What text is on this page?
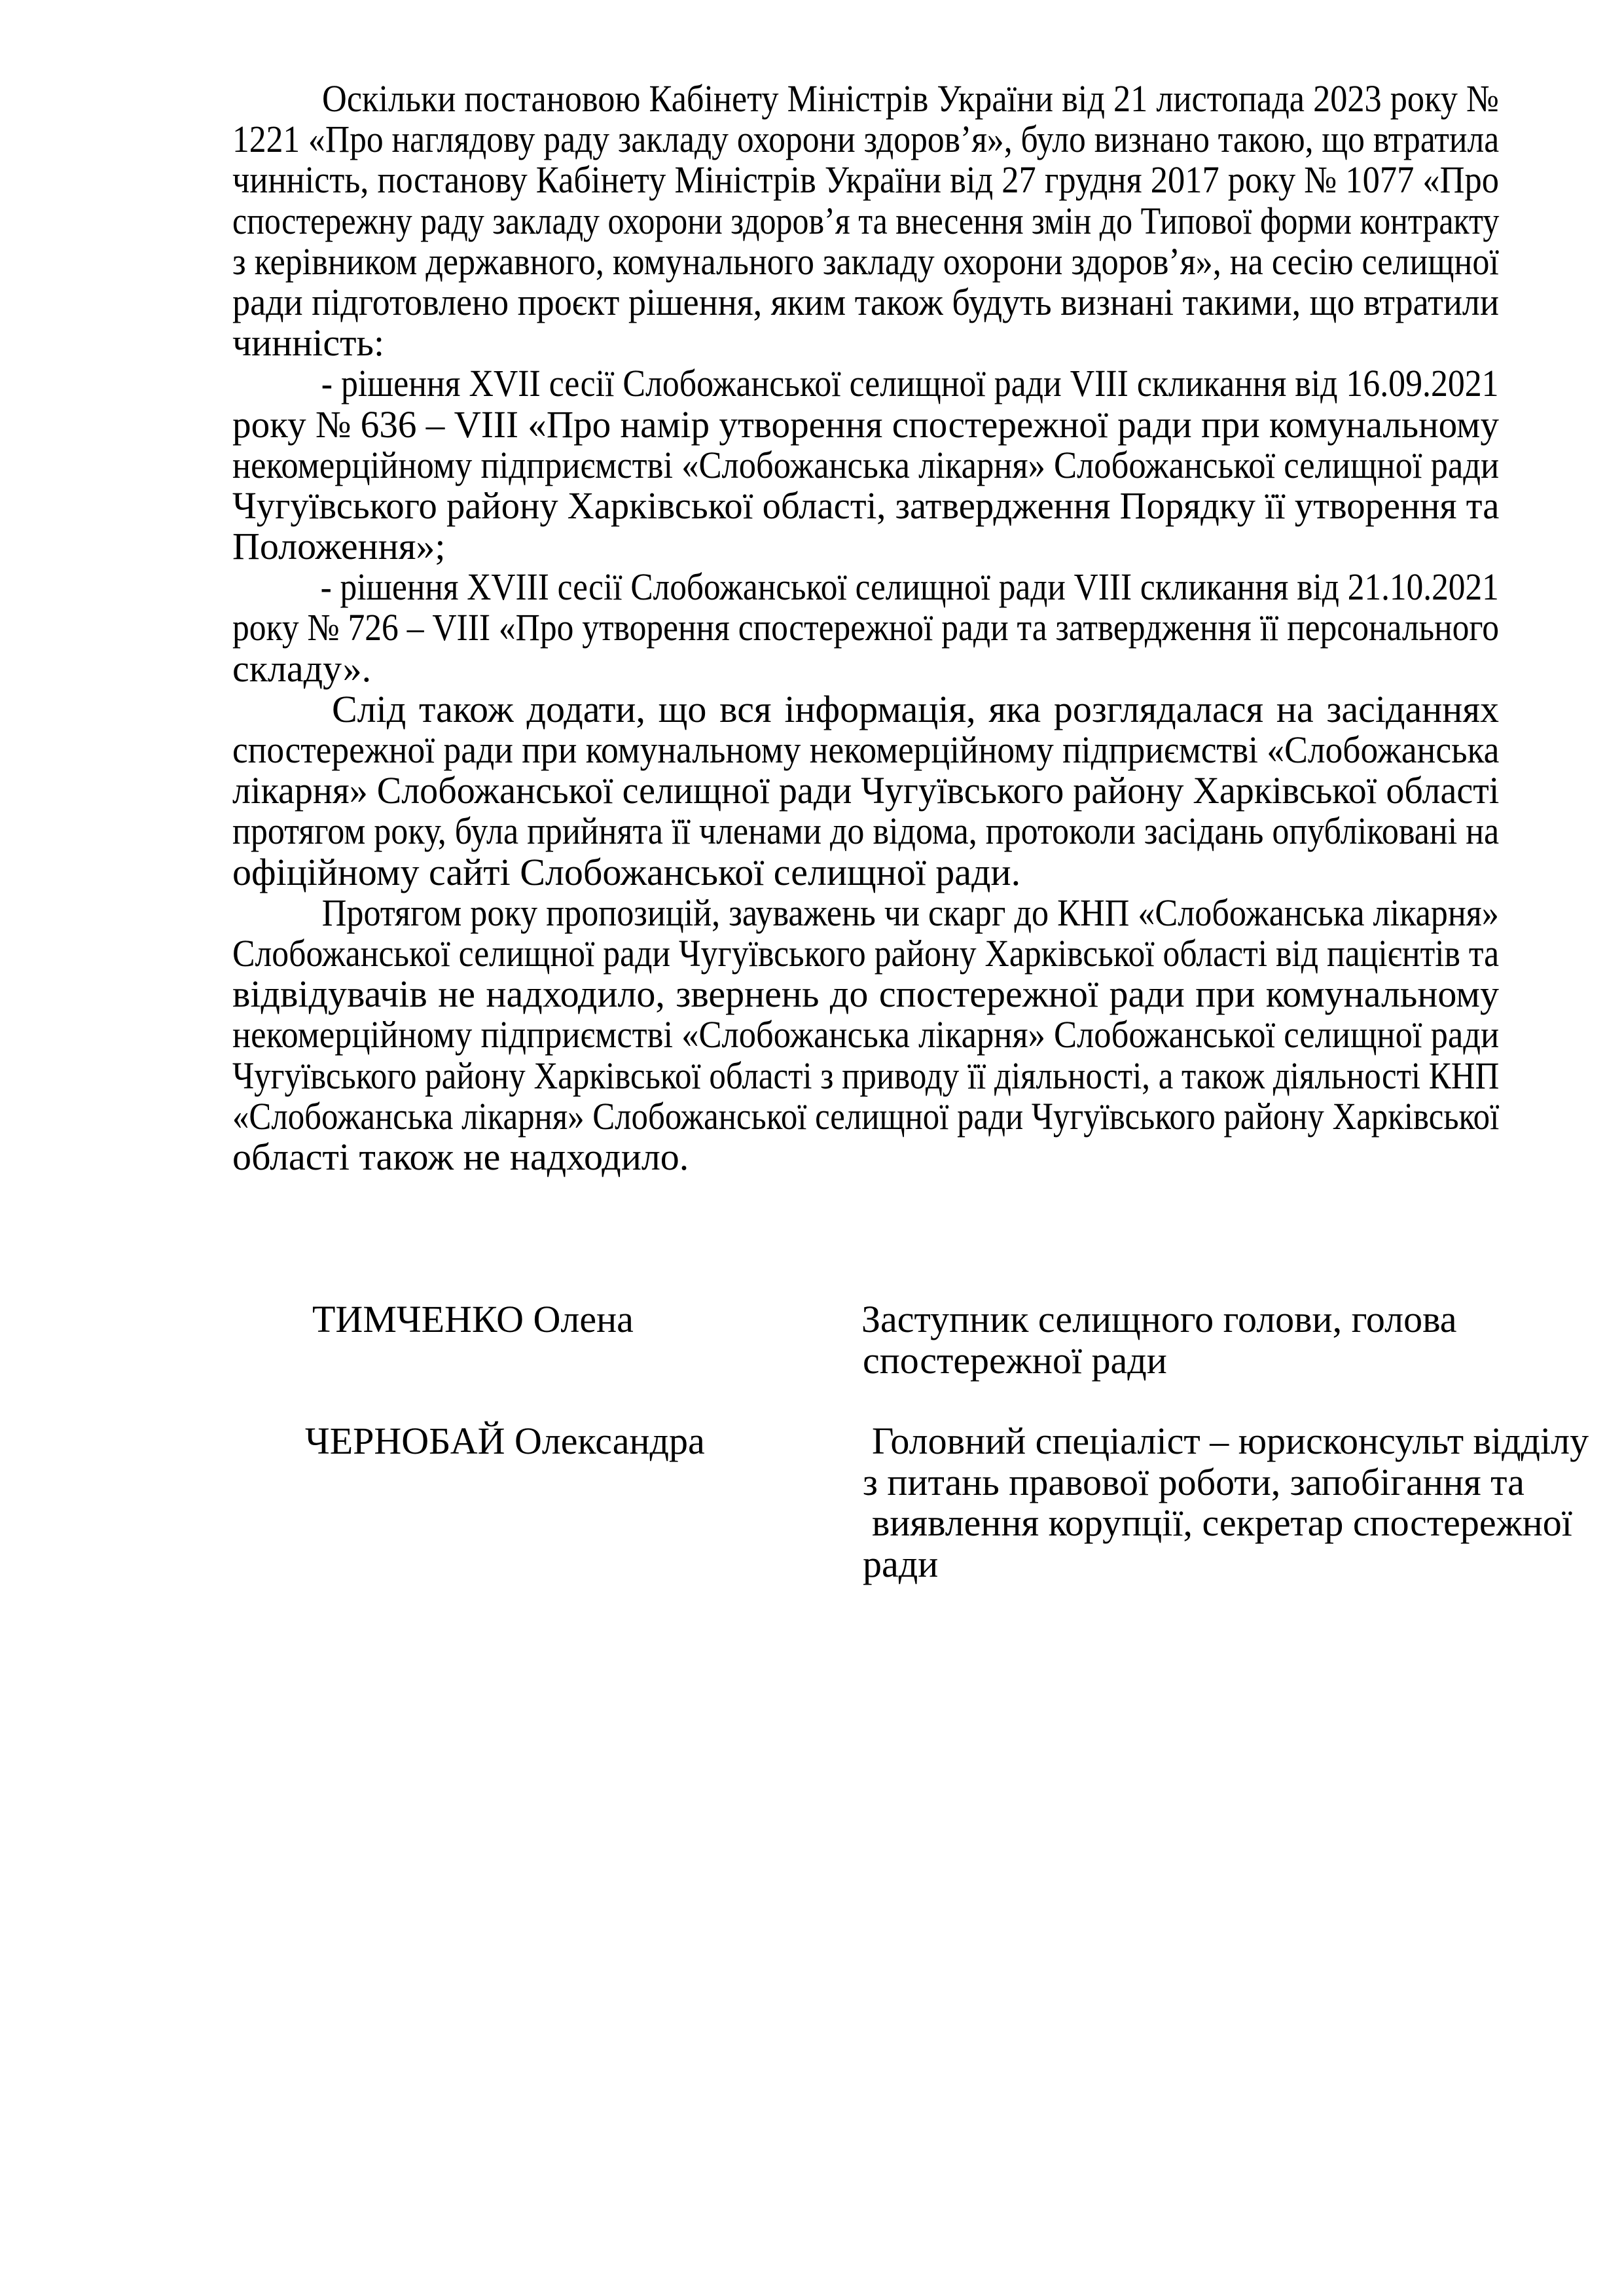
Оскільки постановою Кабінету Міністрів України від 21 листопада 2023 року №
1221 «Про наглядову раду закладу охорони здоров’я», було визнано такою, що втратила
чинність, постанову Кабінету Міністрів України від 27 грудня 2017 року № 1077 «Про
спостережну раду закладу охорони здоров’я та внесення змін до Типової форми контракту
з керівником державного, комунального закладу охорони здоров’я», на сесію селищної
ради підготовлено проєкт рішення, яким також будуть визнані такими, що втратили
чинність:
- рішення XVII сесії Слобожанської селищної ради VIII скликання від 16.09.2021
року № 636 – VIII «Про намір утворення спостережної ради при комунальному
некомерційному підприємстві «Слобожанська лікарня» Слобожанської селищної ради
Чугуївського району Харківської області, затвердження Порядку її утворення та
Положення»;
- рішення XVIII сесії Слобожанської селищної ради VIII скликання від 21.10.2021
року № 726 – VIII «Про утворення спостережної ради та затвердження її персонального
складу».
Слід також додати, що вся інформація, яка розглядалася на засіданнях
спостережної ради при комунальному некомерційному підприємстві «Слобожанська
лікарня» Слобожанської селищної ради Чугуївського району Харківської області
протягом року, була прийнята її членами до відома, протоколи засідань опубліковані на
офіційному сайті Слобожанської селищної ради.
Протягом року пропозицій, зауважень чи скарг до КНП «Слобожанська лікарня»
Слобожанської селищної ради Чугуївського району Харківської області від пацієнтів та
відвідувачів не надходило, звернень до спостережної ради при комунальному
некомерційному підприємстві «Слобожанська лікарня» Слобожанської селищної ради
Чугуївського району Харківської області з приводу її діяльності, а також діяльності КНП
«Слобожанська лікарня» Слобожанської селищної ради Чугуївського району Харківської
області також не надходило.
ТИМЧЕНКО Олена	Заступник селищного голови, голова
спостережної ради
ЧЕРНОБАЙ Олександра	Головний спеціаліст – юрисконсульт відділу
з питань правової роботи, запобігання та
виявлення корупції, секретар спостережної
ради
